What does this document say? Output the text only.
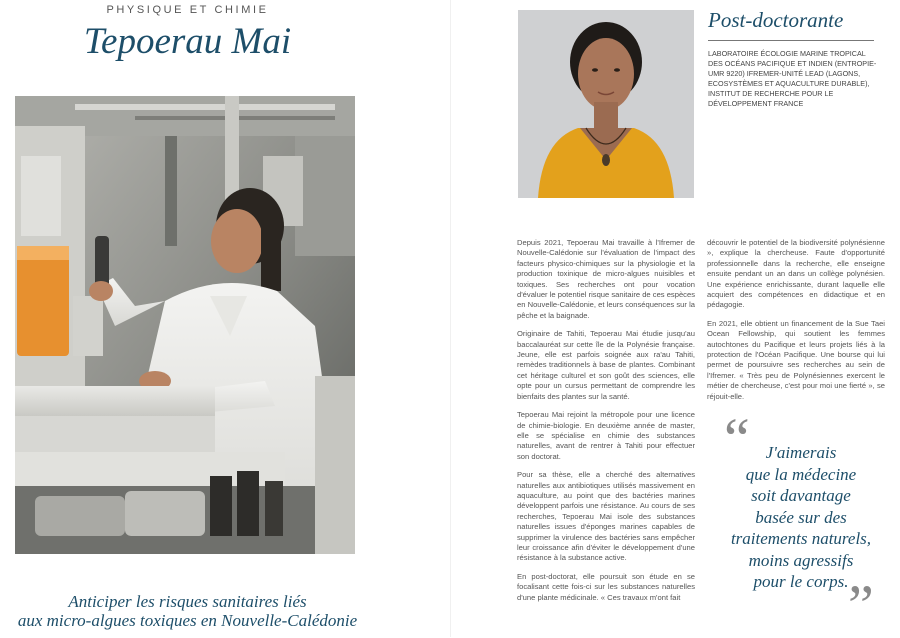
PHYSIQUE ET CHIMIE
Tepoerau Mai
Anticiper les risques sanitaires liés
aux micro-algues toxiques en Nouvelle-Calédonie
Post-doctorante
LABORATOIRE ÉCOLOGIE MARINE TROPICAL
DES OCÉANS PACIFIQUE ET INDIEN (ENTROPIE-
UMR 9220) IFREMER-UNITÉ LEAD (LAGONS,
ECOSYSTÈMES ET AQUACULTURE DURABLE),
INSTITUT DE RECHERCHE POUR LE
DÉVELOPPEMENT FRANCE

Depuis 2021, Tepoerau Mai travaille à l'Ifremer de Nouvelle-Calédonie sur l'évaluation de l'impact des facteurs physico-chimiques sur la physiologie et la production toxinique de micro-algues nuisibles et toxiques. Ses recherches ont pour vocation d'évaluer le potentiel risque sanitaire de ces espèces en Nouvelle-Calédonie, et leurs conséquences sur la pêche et la baignade.

Originaire de Tahiti, Tepoerau Mai étudie jusqu'au baccalauréat sur cette île de la Polynésie française. Jeune, elle est parfois soignée aux ra'au Tahiti, remèdes traditionnels à base de plantes. Combinant cet héritage culturel et son goût des sciences, elle opte pour un cursus permettant de comprendre les bienfaits des plantes sur la santé.

Tepoerau Mai rejoint la métropole pour une licence de chimie-biologie. En deuxième année de master, elle se spécialise en chimie des substances naturelles, avant de rentrer à Tahiti pour effectuer son doctorat.

Pour sa thèse, elle a cherché des alternatives naturelles aux antibiotiques utilisés massivement en aquaculture, au point que des bactéries marines développent parfois une résistance. Au cours de ses recherches, Tepoerau Mai isole des substances naturelles issues d'éponges marines capables de supprimer la virulence des bactéries sans empêcher leur croissance afin d'éviter le développement d'une résistance à la substance active.

En post-doctorat, elle poursuit son étude en se focalisant cette fois-ci sur les substances naturelles d'une plante médicinale. « Ces travaux m'ont fait

découvrir le potentiel de la biodiversité polynésienne », explique la chercheuse. Faute d'opportunité professionnelle dans la recherche, elle enseigne ensuite pendant un an dans un collège polynésien. Une expérience enrichissante, durant laquelle elle acquiert des compétences en didactique et en pédagogie.

En 2021, elle obtient un financement de la Sue Taei Ocean Fellowship, qui soutient les femmes autochtones du Pacifique et leurs projets liés à la protection de l'Océan Pacifique. Une bourse qui lui permet de poursuivre ses recherches au sein de l'Ifremer. « Très peu de Polynésiennes exercent le métier de chercheuse, c'est pour moi une fierté », se réjouit-elle.

“ J'aimerais
que la médecine
soit davantage
basée sur des
traitements naturels,
moins agressifs
pour le corps. ”
